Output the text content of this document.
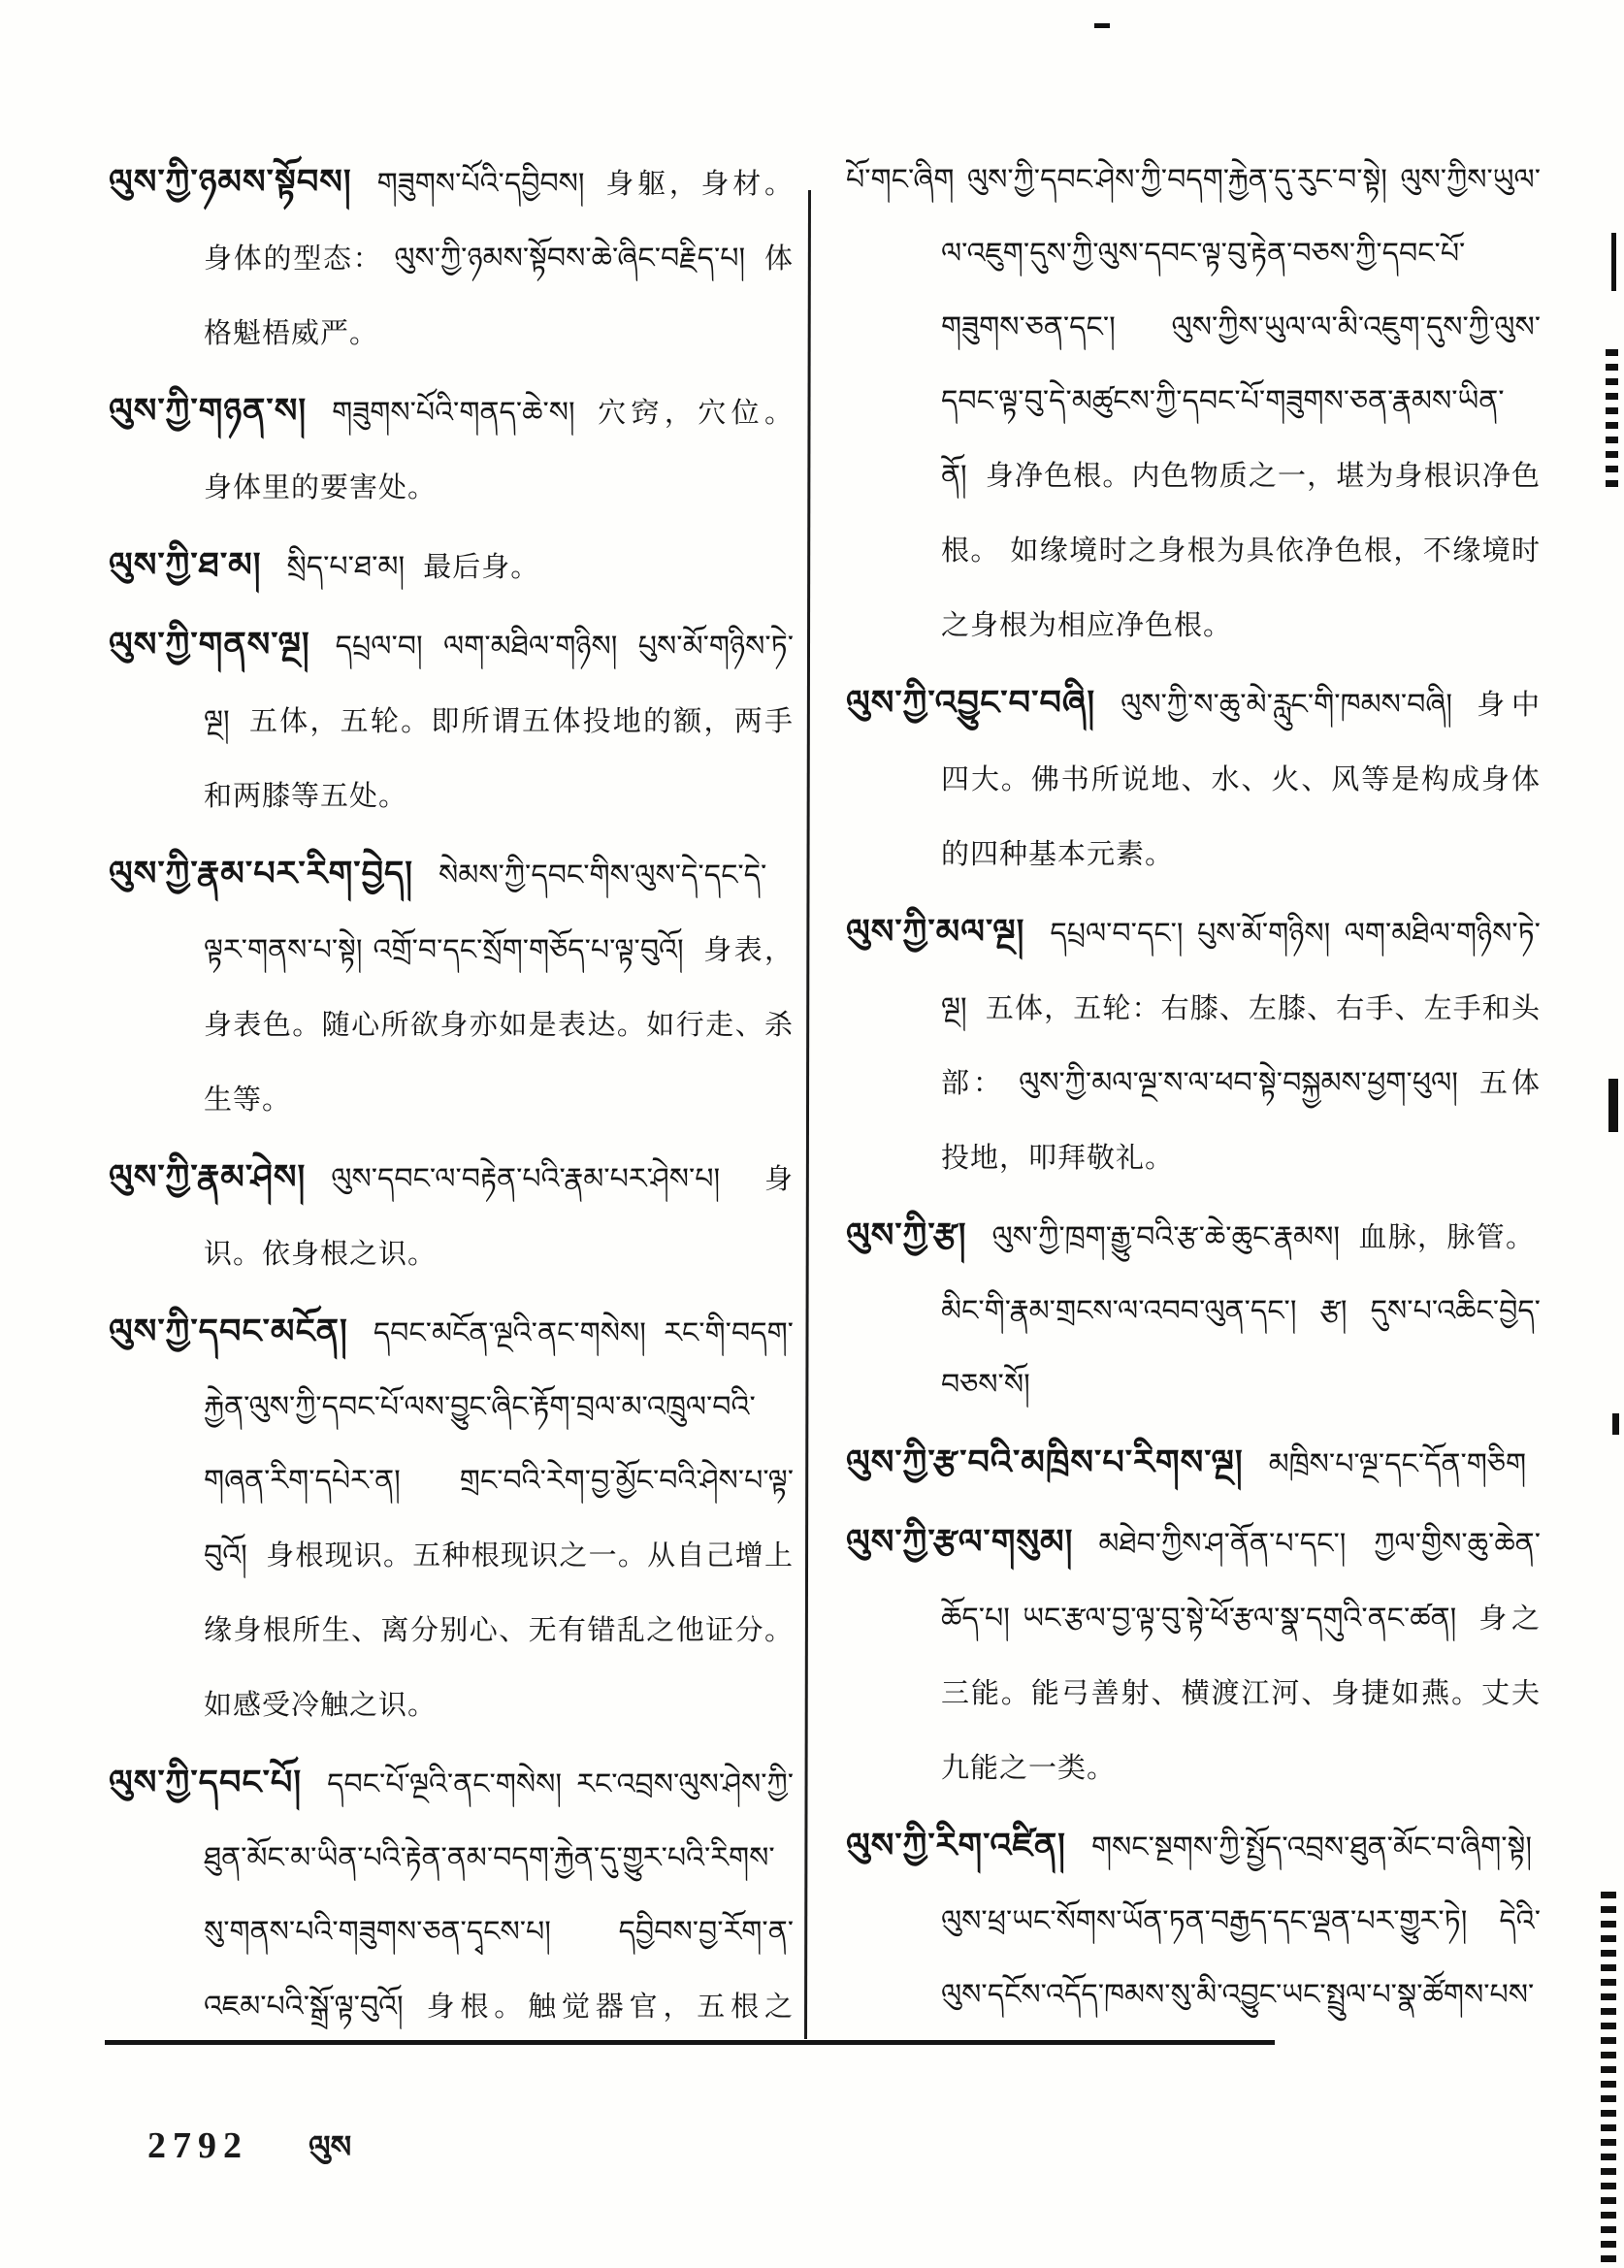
ལུས་ཀྱི་ཉམས་སྟོབས། གཟུགས་པོའི་དབྱིབས། 身躯，身材。身体的型态： ལུས་ཀྱི་ཉམས་སྟོབས་ཆེ་ཞིང་བརྗིད་པ། 体格魁梧威严。
ལུས་ཀྱི་གཉན་ས། གཟུགས་པོའི་གནད་ཆེ་ས། 穴窍，穴位。身体里的要害处。
ལུས་ཀྱི་ཐ་མ། སྲིད་པ་ཐ་མ། 最后身。
ལུས་ཀྱི་གནས་ལྔ། དཔྲལ་བ། ལག་མཐིལ་གཉིས། པུས་མོ་གཉིས་ཏེ་ལྔ། 五体，五轮。即所谓五体投地的额，两手和两膝等五处。
ལུས་ཀྱི་རྣམ་པར་རིག་བྱེད། སེམས་ཀྱི་དབང་གིས་ལུས་དེ་དང་དེ་ལྟར་གནས་པ་སྟེ། འགྲོ་བ་དང་སྲོག་གཅོད་པ་ལྟ་བུའོ། 身表，身表色。随心所欲身亦如是表达。如行走、杀生等。
ལུས་ཀྱི་རྣམ་ཤེས། ལུས་དབང་ལ་བརྟེན་པའི་རྣམ་པར་ཤེས་པ། 身识。依身根之识。
ལུས་ཀྱི་དབང་མངོན། དབང་མངོན་ལྔའི་ནང་གསེས། རང་གི་བདག་རྐྱེན་ལུས་ཀྱི་དབང་པོ་ལས་བྱུང་ཞིང་རྟོག་བྲལ་མ་འཁྲུལ་བའི་གཞན་རིག་དཔེར་ན། གྲང་བའི་རེག་བྱ་མྱོང་བའི་ཤེས་པ་ལྟ་བུའོ། 身根现识。五种根现识之一。从自己增上缘身根所生、离分别心、无有错乱之他证分。如感受冷触之识。
ལུས་ཀྱི་དབང་པོ། དབང་པོ་ལྔའི་ནང་གསེས། རང་འབྲས་ལུས་ཤེས་ཀྱི་ཐུན་མོང་མ་ཡིན་པའི་རྟེན་ནམ་བདག་རྐྱེན་དུ་གྱུར་པའི་རིགས་སུ་གནས་པའི་གཟུགས་ཅན་དྭངས་པ། དབྱིབས་བྱ་རོག་ན་འཇམ་པའི་སྒྲོ་ལྟ་བུའོ། 身根。触觉器官，五根之
པོ་གང་ཞིག ལུས་ཀྱི་དབང་ཤེས་ཀྱི་བདག་རྐྱེན་དུ་རུང་བ་སྟེ། ལུས་ཀྱིས་ཡུལ་ལ་འཇུག་དུས་ཀྱི་ལུས་དབང་ལྟ་བུ་རྟེན་བཅས་ཀྱི་དབང་པོ་གཟུགས་ཅན་དང་། ལུས་ཀྱིས་ཡུལ་ལ་མི་འཇུག་དུས་ཀྱི་ལུས་དབང་ལྟ་བུ་དེ་མཚུངས་ཀྱི་དབང་པོ་གཟུགས་ཅན་རྣམས་ཡིན་ནོ། 身净色根。内色物质之一，堪为身根识净色根。 如缘境时之身根为具依净色根，不缘境时之身根为相应净色根。
ལུས་ཀྱི་འབྱུང་བ་བཞི། ལུས་ཀྱི་ས་ཆུ་མེ་རླུང་གི་ཁམས་བཞི། 身中四大。佛书所说地、水、火、风等是构成身体的四种基本元素。
ལུས་ཀྱི་མལ་ལྔ། དཔྲལ་བ་དང་། པུས་མོ་གཉིས། ལག་མཐིལ་གཉིས་ཏེ་ལྔ། 五体，五轮：右膝、左膝、右手、左手和头部： ལུས་ཀྱི་མལ་ལྔ་ས་ལ་ཕབ་སྟེ་བསྐྱམས་ཕྱག་ཕུལ། 五体投地，叩拜敬礼。
ལུས་ཀྱི་རྩ། ལུས་ཀྱི་ཁྲག་རྒྱུ་བའི་རྩ་ཆེ་ཆུང་རྣམས། 血脉，脉管。 མིང་གི་རྣམ་གྲངས་ལ་འབབ་ལུན་དང་། རྩ། དུས་པ་འཆིང་བྱེད་བཅས་སོ།
ལུས་ཀྱི་རྩ་བའི་མཁྲིས་པ་རིགས་ལྔ། མཁྲིས་པ་ལྔ་དང་དོན་གཅིག
ལུས་ཀྱི་རྩལ་གསུམ། མཐེབ་ཀྱིས་ཤ་ནོན་པ་དང་། ཀྱལ་གྱིས་ཆུ་ཆེན་ཆོད་པ། ཡང་རྩལ་བྱ་ལྟ་བུ་སྟེ་ཕོ་རྩལ་སྣ་དགུའི་ནང་ཚན། 身之三能。能弓善射、横渡江河、身捷如燕。丈夫九能之一类。
ལུས་ཀྱི་རིག་འཛིན། གསང་སྔགས་ཀྱི་སྤྱོད་འབྲས་ཐུན་མོང་བ་ཞིག་སྟེ། ལུས་ཕྲ་ཡང་སོགས་ཡོན་ཏན་བརྒྱད་དང་ལྡན་པར་གྱུར་ཏེ། དེའི་ལུས་དངོས་འདོད་ཁམས་སུ་མི་འབྱུང་ཡང་སྤྲུལ་པ་སྣ་ཚོགས་པས་
2792 ལུས
